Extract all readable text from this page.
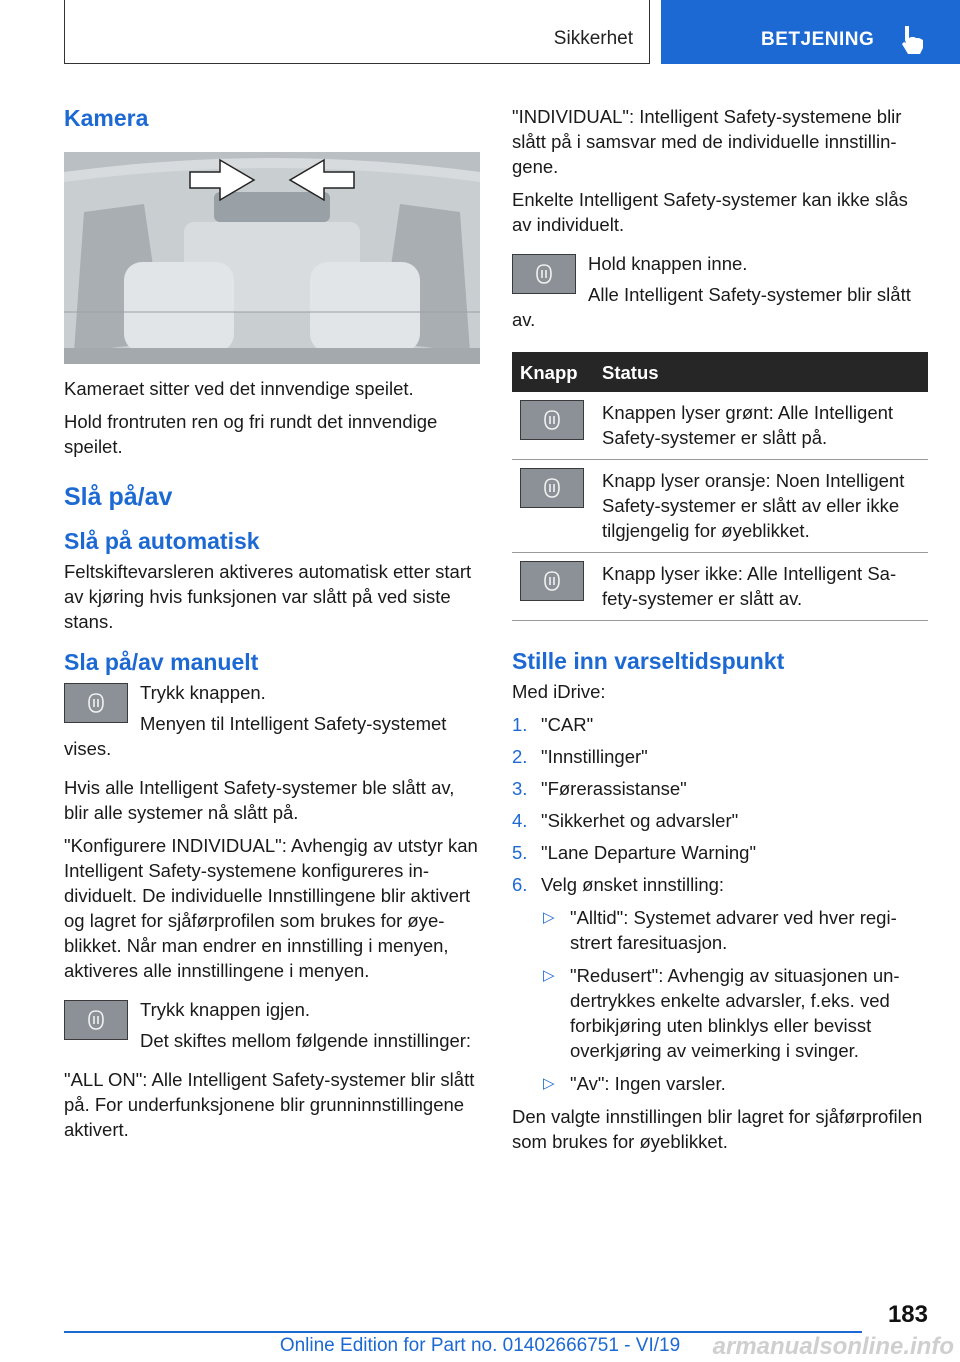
Sikkerhet	BETJENING
Kamera

Kameraet sitter ved det innvendige speilet.

Hold frontruten ren og fri rundt det innvendige speilet.

Slå på/av
Slå på automatisk

Feltskiftevarsleren aktiveres automatisk etter start av kjøring hvis funksjonen var slått på ved siste stans.

Sla på/av manuelt

Trykk knappen.

Menyen til Intelligent Safety-systemet vises.

Hvis alle Intelligent Safety-systemer ble slått av, blir alle systemer nå slått på.

"Konfigurere INDIVIDUAL": Avhengig av utstyr kan Intelligent Safety-systemene konfigureres individuelt. De individuelle Innstillingene blir aktivert og lagret for sjåførprofilen som brukes for øyeblikket. Når man endrer en innstilling i menyen, aktiveres alle innstillingene i menyen.

Trykk knappen igjen.

Det skiftes mellom følgende innstillinger:

"ALL ON": Alle Intelligent Safety-systemer blir slått på. For underfunksjonene blir grunninnstillingene aktivert.

"INDIVIDUAL": Intelligent Safety-systemene blir slått på i samsvar med de individuelle innstillingene.

Enkelte Intelligent Safety-systemer kan ikke slås av individuelt.

Hold knappen inne.

Alle Intelligent Safety-systemer blir slått av.

Knapp	Status

	Knappen lyser grønt: Alle Intelligent Safety-systemer er slått på.

	Knapp lyser oransje: Noen Intelligent Safety-systemer er slått av eller ikke tilgjengelig for øyeblikket.

	Knapp lyser ikke: Alle Intelligent Safety-systemer er slått av.
Stille inn varseltidspunkt

Med iDrive:

1. "CAR"
2. "Innstillinger"
3. "Førerassistanse"
4. "Sikkerhet og advarsler"
5. "Lane Departure Warning"
6. Velg ønsket innstilling:
▷ "Alltid": Systemet advarer ved hver registrert faresituasjon.
▷ "Redusert": Avhengig av situasjonen undertrykkes enkelte advarsler, f.eks. ved forbikjøring uten blinklys eller bevisst overkjøring av veimerking i svinger.
▷ "Av": Ingen varsler.

Den valgte innstillingen blir lagret for sjåførprofilen som brukes for øyeblikket.

183
Online Edition for Part no. 01402666751 - VI/19	armanualsonline.info
